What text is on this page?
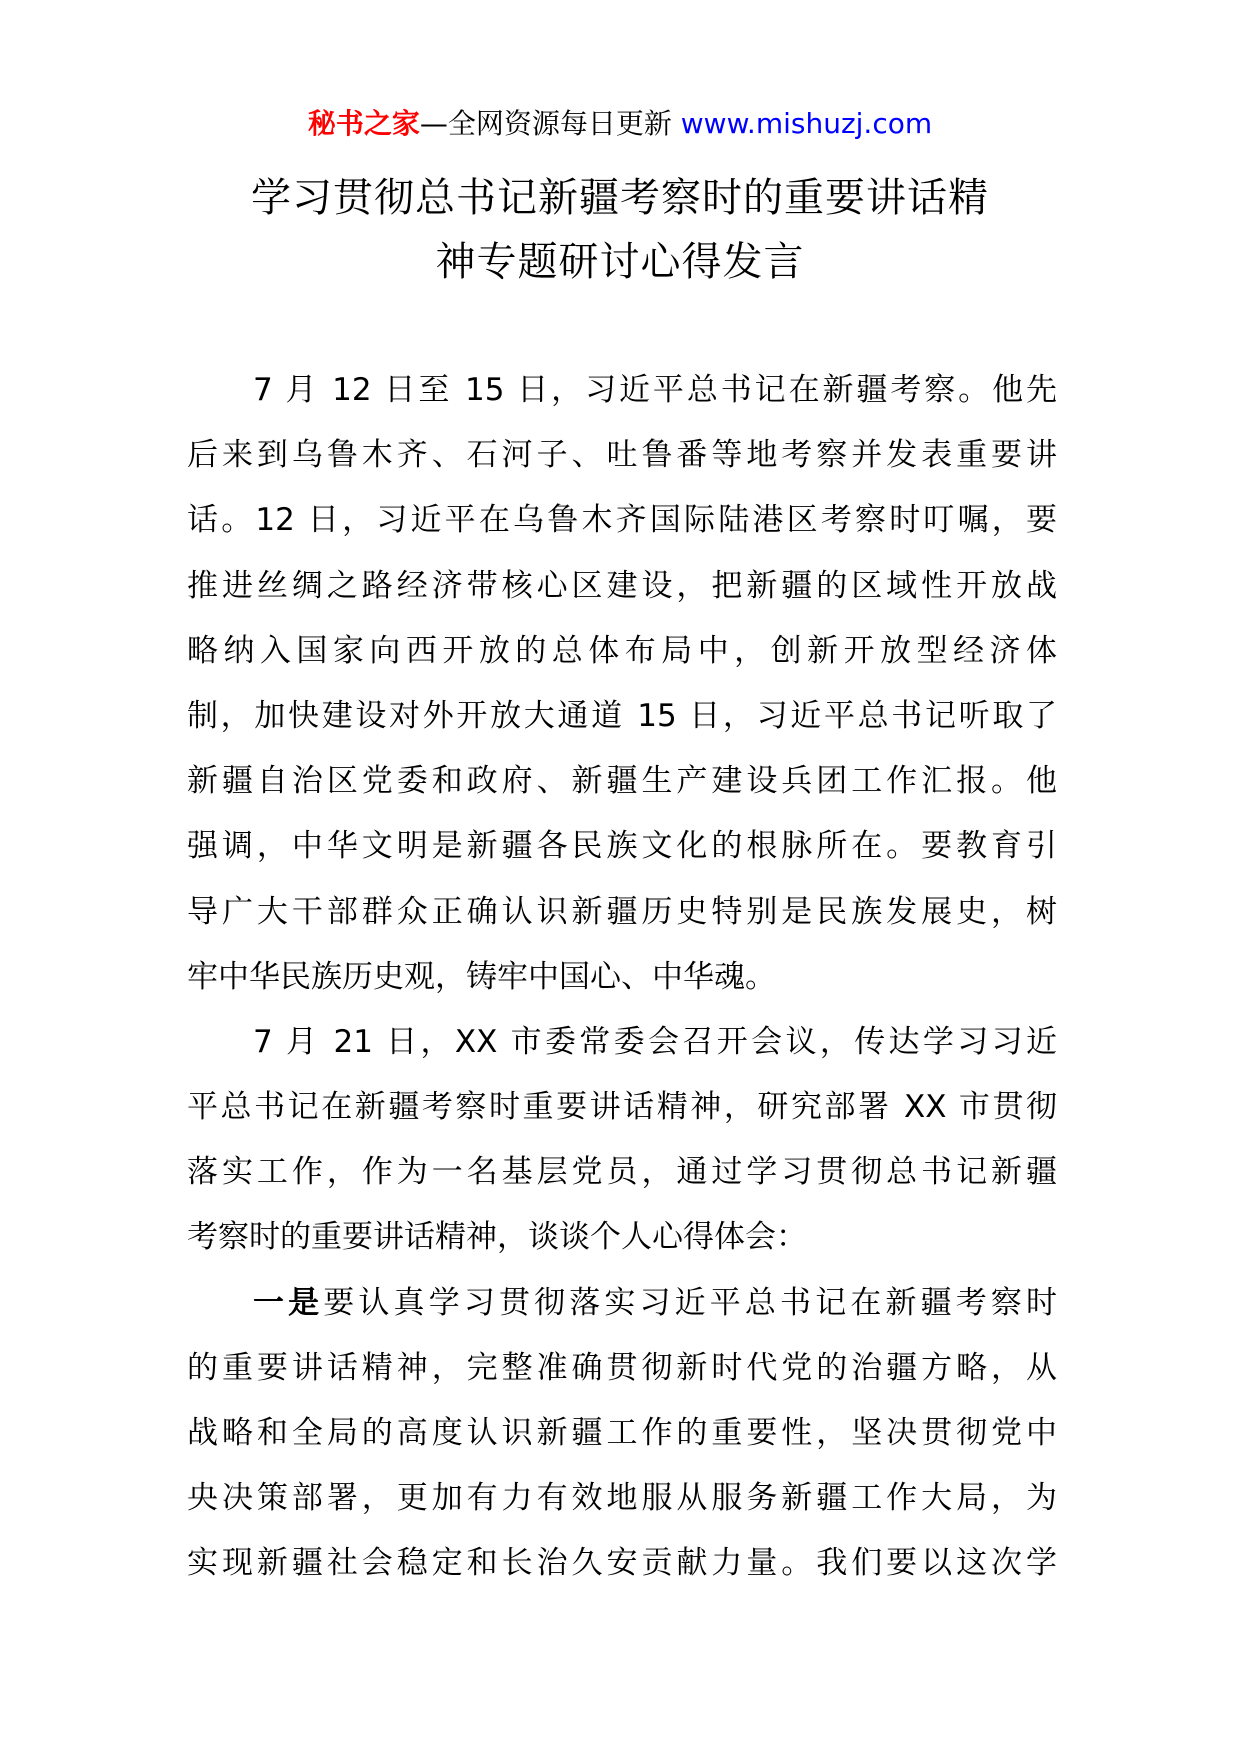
秘书之家—全网资源每日更新 www.mishuzj.com
学习贯彻总书记新疆考察时的重要讲话精
神专题研讨心得发言
7 月 12 日至 15 日，习近平总书记在新疆考察。他先
后来到乌鲁木齐、石河子、吐鲁番等地考察并发表重要讲
话。12 日，习近平在乌鲁木齐国际陆港区考察时叮嘱，要
推进丝绸之路经济带核心区建设，把新疆的区域性开放战
略纳入国家向西开放的总体布局中，创新开放型经济体
制，加快建设对外开放大通道 15 日，习近平总书记听取了
新疆自治区党委和政府、新疆生产建设兵团工作汇报。他
强调，中华文明是新疆各民族文化的根脉所在。要教育引
导广大干部群众正确认识新疆历史特别是民族发展史，树
牢中华民族历史观，铸牢中国心、中华魂。
7 月 21 日，XX 市委常委会召开会议，传达学习习近
平总书记在新疆考察时重要讲话精神，研究部署 XX 市贯彻
落实工作，作为一名基层党员，通过学习贯彻总书记新疆
考察时的重要讲话精神，谈谈个人心得体会：
一是要认真学习贯彻落实习近平总书记在新疆考察时
的重要讲话精神，完整准确贯彻新时代党的治疆方略，从
战略和全局的高度认识新疆工作的重要性，坚决贯彻党中
央决策部署，更加有力有效地服从服务新疆工作大局，为
实现新疆社会稳定和长治久安贡献力量。我们要以这次学
